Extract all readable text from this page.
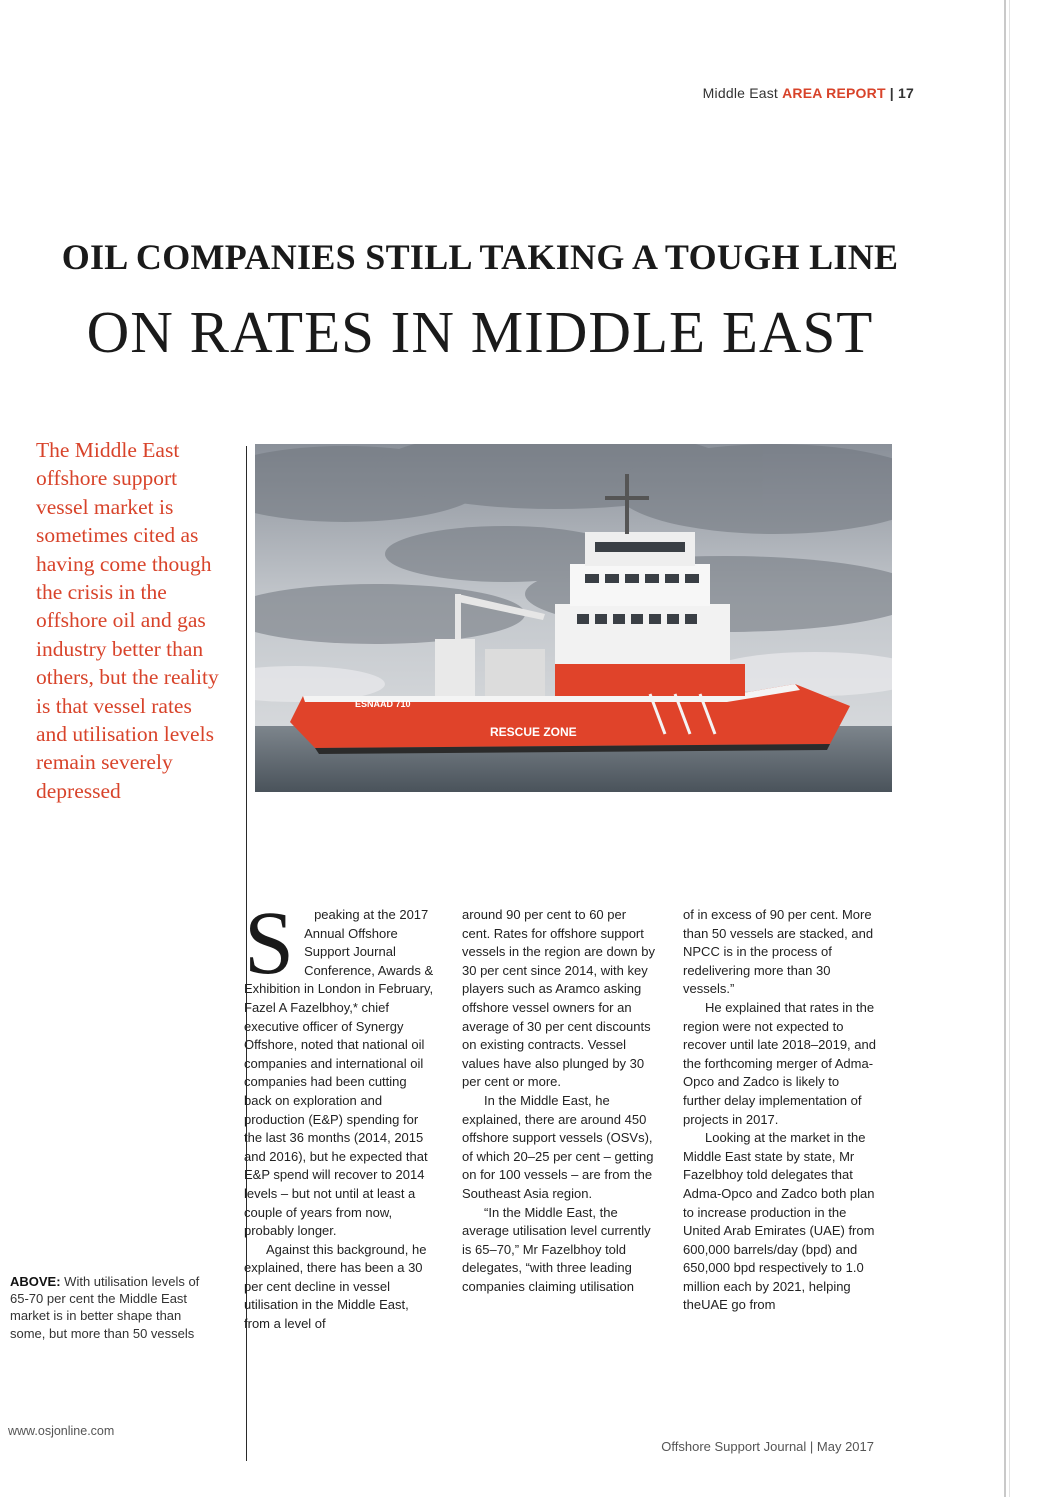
Middle East AREA REPORT | 17
OIL COMPANIES STILL TAKING A TOUGH LINE
ON RATES IN MIDDLE EAST

The Middle East offshore support vessel market is sometimes cited as having come though the crisis in the offshore oil and gas industry better than others, but the reality is that vessel rates and utilisation levels remain severely depressed

ESNAAD 710
RESCUE ZONE

ABOVE: With utilisation levels of 65-70 per cent the Middle East market is in better shape than some, but more than 50 vessels

S peaking at the 2017 Annual Offshore Support Journal Conference, Awards & Exhibition in London in February, Fazel A Fazelbhoy,* chief executive officer of Synergy Offshore, noted that national oil companies and international oil companies had been cutting back on exploration and production (E&P) spending for the last 36 months (2014, 2015 and 2016), but he expected that E&P spend will recover to 2014 levels – but not until at least a couple of years from now, probably longer.

Against this background, he explained, there has been a 30 per cent decline in vessel utilisation in the Middle East, from a level of

around 90 per cent to 60 per cent. Rates for offshore support vessels in the region are down by 30 per cent since 2014, with key players such as Aramco asking offshore vessel owners for an average of 30 per cent discounts on existing contracts. Vessel values have also plunged by 30 per cent or more.

In the Middle East, he explained, there are around 450 offshore support vessels (OSVs), of which 20–25 per cent – getting on for 100 vessels – are from the Southeast Asia region.

“In the Middle East, the average utilisation level currently is 65–70,” Mr Fazelbhoy told delegates, “with three leading companies claiming utilisation

of in excess of 90 per cent. More than 50 vessels are stacked, and NPCC is in the process of redelivering more than 30 vessels.”

He explained that rates in the region were not expected to recover until late 2018–2019, and the forthcoming merger of Adma-Opco and Zadco is likely to further delay implementation of projects in 2017.

Looking at the market in the Middle East state by state, Mr Fazelbhoy told delegates that Adma-Opco and Zadco both plan to increase production in the United Arab Emirates (UAE) from 600,000 barrels/day (bpd) and 650,000 bpd respectively to 1.0 million each by 2021, helping theUAE go from

www.osjonline.com
Offshore Support Journal | May 2017
